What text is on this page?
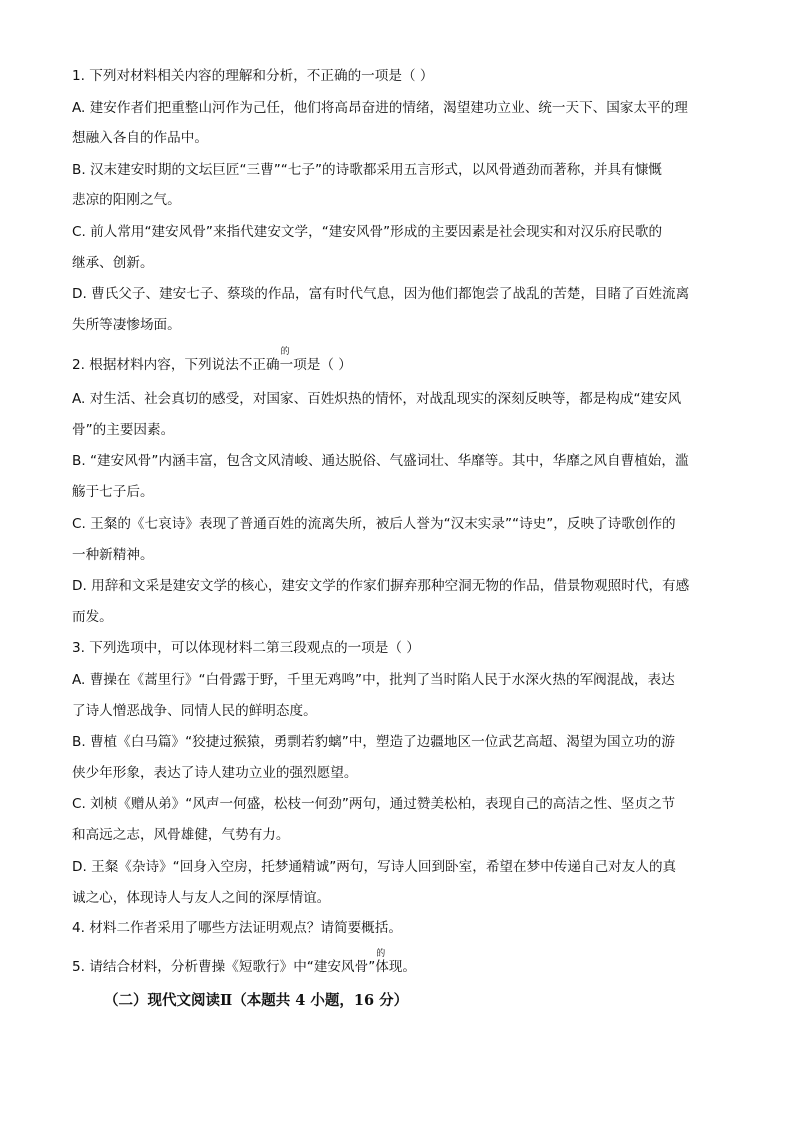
1. 下列对材料相关内容的理解和分析，不正确的一项是（ ）
A. 建安作者们把重整山河作为己任，他们将高昂奋进的情绪，渴望建功立业、统一天下、国家太平的理
想融入各自的作品中。
B. 汉末建安时期的文坛巨匠“三曹”“七子”的诗歌都采用五言形式，以风骨遒劲而著称，并具有慷慨
悲凉的阳刚之气。
C. 前人常用“建安风骨”来指代建安文学，“建安风骨”形成的主要因素是社会现实和对汉乐府民歌的
继承、创新。
D. 曹氏父子、建安七子、蔡琰的作品，富有时代气息，因为他们都饱尝了战乱的苦楚，目睹了百姓流离
失所等凄惨场面。
2. 根据材料内容，下列说法不正确
的
一项是（ ）
A. 对生活、社会真切的感受，对国家、百姓炽热的情怀，对战乱现实的深刻反映等，都是构成“建安风
骨”的主要因素。
B. “建安风骨”内涵丰富，包含文风清峻、通达脱俗、气盛词壮、华靡等。其中，华靡之风自曹植始，滥
觞于七子后。
C. 王粲的《七哀诗》表现了普通百姓的流离失所，被后人誉为“汉末实录”“诗史”，反映了诗歌创作的
一种新精神。
D. 用辞和文采是建安文学的核心，建安文学的作家们摒弃那种空洞无物的作品，借景物观照时代，有感
而发。
3. 下列选项中，可以体现材料二第三段观点的一项是（ ）
A. 曹操在《蒿里行》“白骨露于野，千里无鸡鸣”中，批判了当时陷人民于水深火热的军阀混战，表达
了诗人憎恶战争、同情人民的鲜明态度。
B. 曹植《白马篇》“狡捷过猴猿，勇剽若豹螭”中，塑造了边疆地区一位武艺高超、渴望为国立功的游
侠少年形象，表达了诗人建功立业的强烈愿望。
C. 刘桢《赠从弟》“风声一何盛，松枝一何劲”两句，通过赞美松柏，表现自己的高洁之性、坚贞之节
和高远之志，风骨雄健，气势有力。
D. 王粲《杂诗》“回身入空房，托梦通精诚”两句，写诗人回到卧室，希望在梦中传递自己对友人的真
诚之心，体现诗人与友人之间的深厚情谊。
4. 材料二作者采用了哪些方法证明观点？请简要概括。
5. 请结合材料，分析曹操《短歌行》中“建安风骨”
的
体现。
（二）现代文阅读Ⅱ（本题共 4 小题，16 分）
